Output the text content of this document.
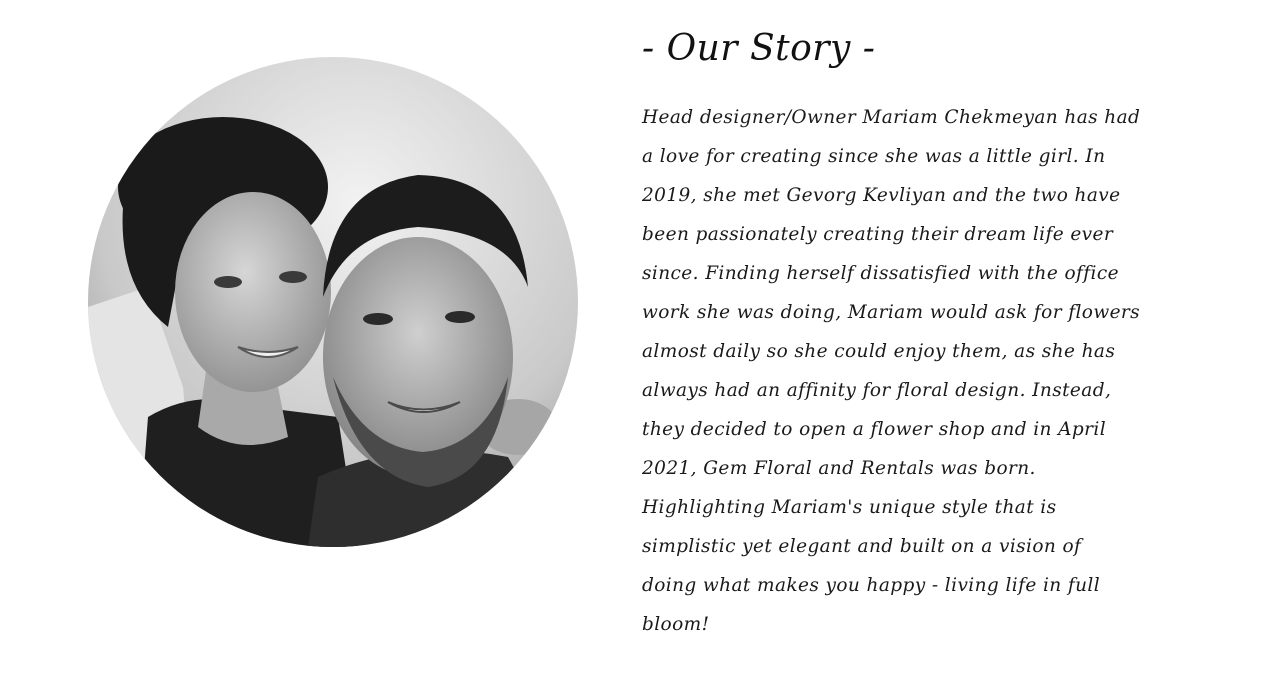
- Our Story -

Head designer/Owner Mariam Chekmeyan has had a love for creating since she was a little girl. In 2019, she met Gevorg Kevliyan and the two have been passionately creating their dream life ever since. Finding herself dissatisfied with the office work she was doing, Mariam would ask for flowers almost daily so she could enjoy them, as she has always had an affinity for floral design. Instead, they decided to open a flower shop and in April 2021, Gem Floral and Rentals was born. Highlighting Mariam's unique style that is simplistic yet elegant and built on a vision of doing what makes you happy - living life in full bloom!
